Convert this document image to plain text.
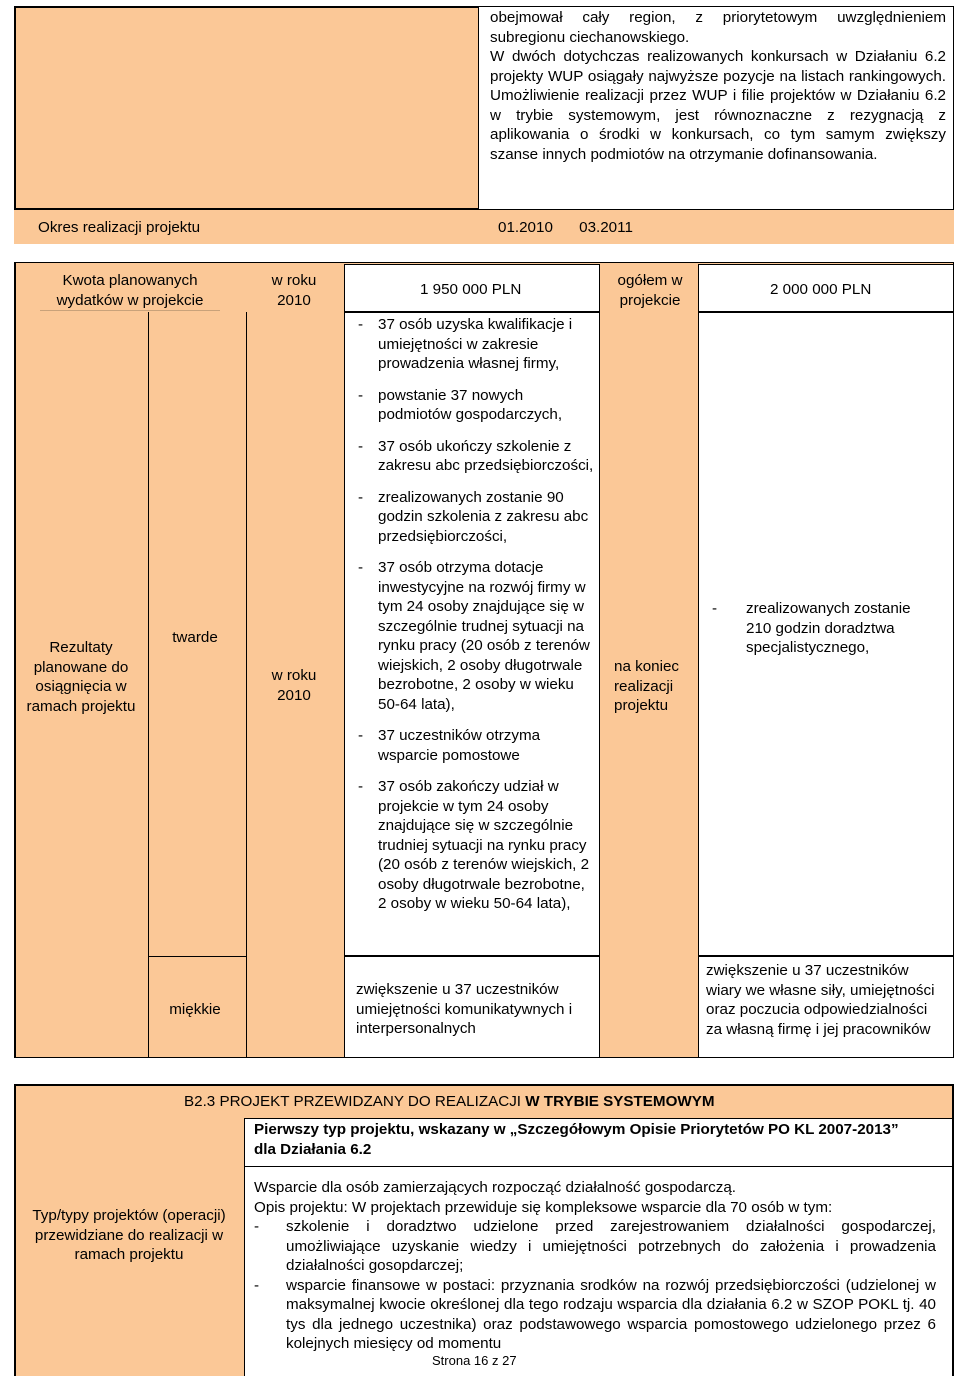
obejmował cały region, z priorytetowym uwzględnieniem subregionu ciechanowskiego.
W dwóch dotychczas realizowanych konkursach w Działaniu 6.2 projekty WUP osiągały najwyższe pozycje na listach rankingowych. Umożliwienie realizacji przez WUP i filie projektów w Działaniu 6.2 w trybie systemowym, jest równoznaczne z rezygnacją z aplikowania o środki w konkursach, co tym samym zwiększy szanse innych podmiotów na otrzymanie dofinansowania.
Okres realizacji projektu	01.2010 03.2011
Kwota planowanych wydatków w projekcie
w roku 2010
1 950 000 PLN
ogółem w projekcie
2 000 000 PLN
Rezultaty planowane do osiągnięcia w ramach projektu
twarde
miękkie
w roku 2010
na koniec realizacji projektu
- 37 osób uzyska kwalifikacje i umiejętności w zakresie prowadzenia własnej firmy,
- powstanie 37 nowych podmiotów gospodarczych,
- 37 osób ukończy szkolenie z zakresu abc przedsiębiorczości,
- zrealizowanych zostanie 90 godzin szkolenia z zakresu abc przedsiębiorczości,
- 37 osób otrzyma dotacje inwestycyjne na rozwój firmy w tym 24 osoby znajdujące się w szczególnie trudnej sytuacji na rynku pracy (20 osób z terenów wiejskich, 2 osoby długotrwale bezrobotne, 2 osoby w wieku 50-64 lata),
- 37 uczestników otrzyma wsparcie pomostowe
- 37 osób zakończy udział w projekcie w tym 24 osoby znajdujące się w szczególnie trudniej sytuacji na rynku pracy (20 osób z terenów wiejskich, 2 osoby długotrwale bezrobotne, 2 osoby w wieku 50-64 lata),
- zrealizowanych zostanie 210 godzin doradztwa specjalistycznego,
zwiększenie u 37 uczestników umiejętności komunikatywnych i interpersonalnych
zwiększenie u 37 uczestników wiary we własne siły, umiejętności oraz poczucia odpowiedzialności za własną firmę i jej pracowników
B2.3 PROJEKT PRZEWIDZANY DO REALIZACJI W TRYBIE SYSTEMOWYM
Typ/typy projektów (operacji) przewidziane do realizacji w ramach projektu
Pierwszy typ projektu, wskazany w „Szczegółowym Opisie Priorytetów PO KL 2007-2013” dla Działania 6.2
Wsparcie dla osób zamierzających rozpocząć działalność gospodarczą.
Opis projektu: W projektach przewiduje się kompleksowe wsparcie dla 70 osób w tym:
- szkolenie i doradztwo udzielone przed zarejestrowaniem działalności gospodarczej, umożliwiające uzyskanie wiedzy i umiejętności potrzebnych do założenia i prowadzenia działalności gosopdarczej;
- wsparcie finansowe w postaci: przyznania srodków na rozwój przedsiębiorczości (udzielonej w maksymalnej kwocie określonej dla tego rodzaju wsparcia dla działania 6.2 w SZOP POKL tj. 40 tys dla jednego uczestnika) oraz podstawowego wsparcia pomostowego udzielonego przez 6 kolejnych miesięcy od momentu
Strona 16 z 27
